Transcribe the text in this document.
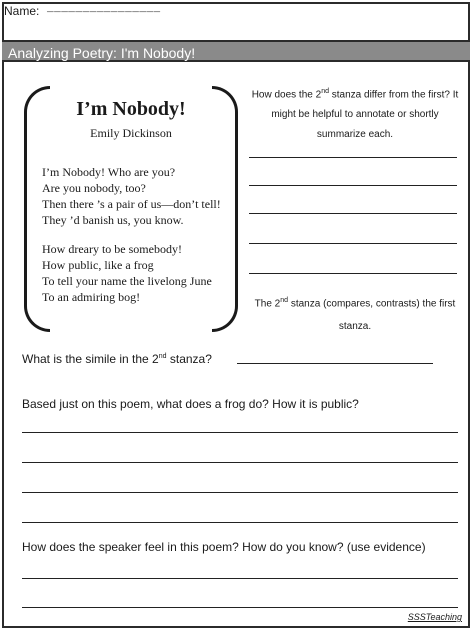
Name: ________________
Analyzing Poetry: I'm Nobody!
I’m Nobody!
Emily Dickinson
I’m Nobody! Who are you?
Are you nobody, too?
Then there ’s a pair of us—don’t tell!
They ’d banish us, you know.
How dreary to be somebody!
How public, like a frog
To tell your name the livelong June
To an admiring bog!
How does the 2nd stanza differ from the first? It might be helpful to annotate or shortly summarize each.
The 2nd stanza (compares, contrasts) the first stanza.
What is the simile in the 2nd stanza?
Based just on this poem, what does a frog do? How it is public?
How does the speaker feel in this poem? How do you know? (use evidence)
SSSTeaching
